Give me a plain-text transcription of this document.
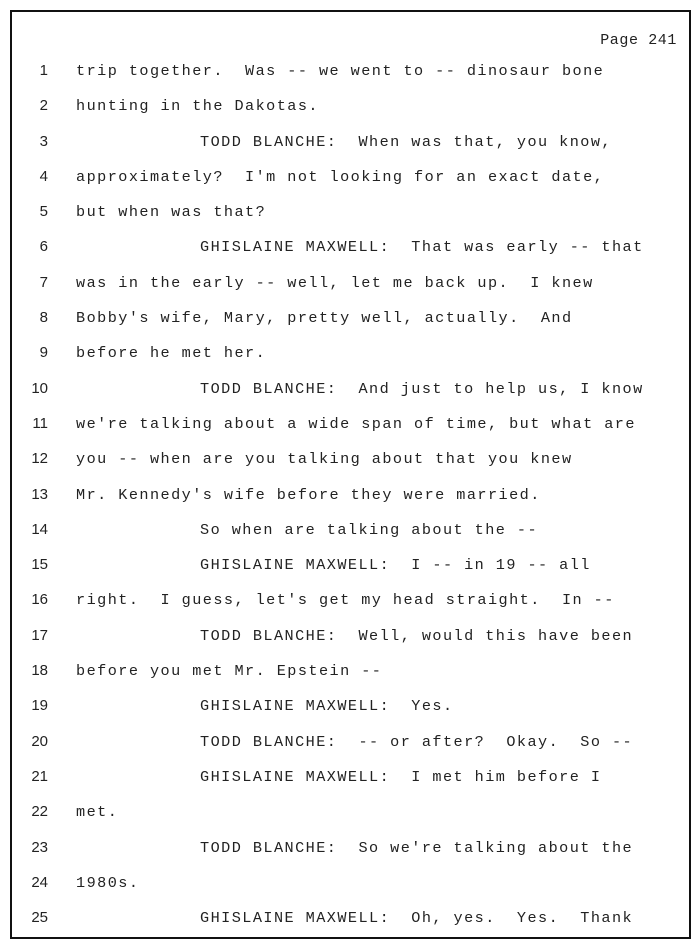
Page 241
1 trip together.  Was -- we went to -- dinosaur bone
2 hunting in the Dakotas.
3	TODD BLANCHE:  When was that, you know,
4 approximately?  I'm not looking for an exact date,
5 but when was that?
6	GHISLAINE MAXWELL:  That was early -- that
7 was in the early -- well, let me back up.  I knew
8 Bobby's wife, Mary, pretty well, actually.  And
9 before he met her.
10	TODD BLANCHE:  And just to help us, I know
11 we're talking about a wide span of time, but what are
12 you -- when are you talking about that you knew
13 Mr. Kennedy's wife before they were married.
14	So when are talking about the --
15	GHISLAINE MAXWELL:  I -- in 19 -- all
16 right.  I guess, let's get my head straight.  In --
17	TODD BLANCHE:  Well, would this have been
18 before you met Mr. Epstein --
19	GHISLAINE MAXWELL:  Yes.
20	TODD BLANCHE:  -- or after?  Okay.  So --
21	GHISLAINE MAXWELL:  I met him before I
22 met.
23	TODD BLANCHE:  So we're talking about the
24 1980s.
25	GHISLAINE MAXWELL:  Oh, yes.  Yes.  Thank
